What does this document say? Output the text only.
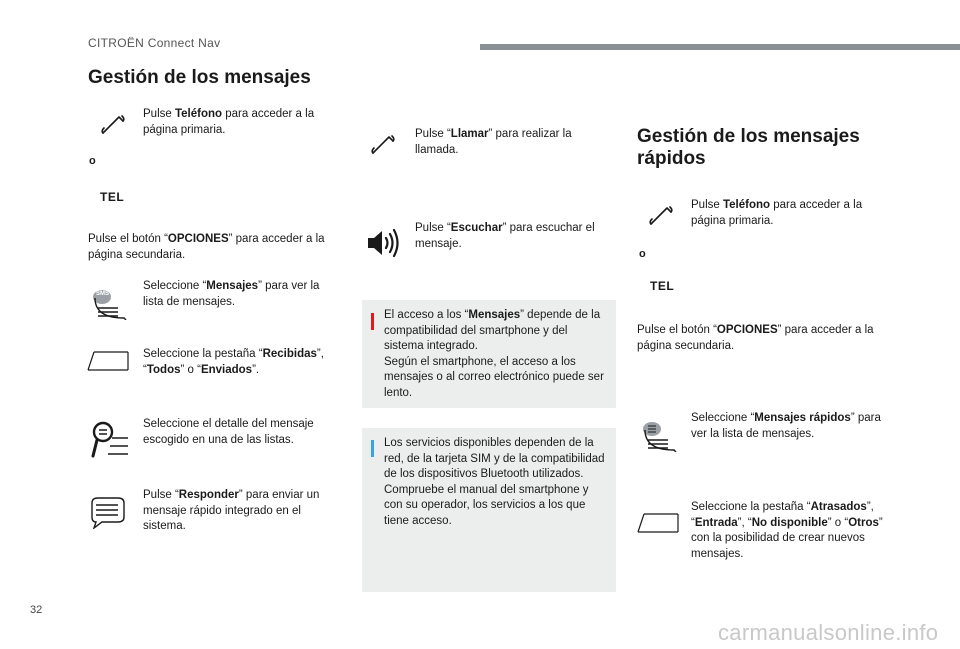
CITROËN Connect Nav
Gestión de los mensajes
Pulse Teléfono para acceder a la página primaria.
o
TEL
Pulse el botón “OPCIONES” para acceder a la página secundaria.
SMS
Seleccione “Mensajes” para ver la lista de mensajes.
Seleccione la pestaña “Recibidas”, “Todos” o “Enviados”.
Seleccione el detalle del mensaje escogido en una de las listas.
Pulse “Responder” para enviar un mensaje rápido integrado en el sistema.
Pulse “Llamar” para realizar la llamada.
Pulse “Escuchar” para escuchar el mensaje.
El acceso a los “Mensajes” depende de la compatibilidad del smartphone y del sistema integrado.
Según el smartphone, el acceso a los mensajes o al correo electrónico puede ser lento.
Los servicios disponibles dependen de la red, de la tarjeta SIM y de la compatibilidad de los dispositivos Bluetooth utilizados.
Compruebe el manual del smartphone y con su operador, los servicios a los que tiene acceso.
Gestión de los mensajes rápidos
Pulse Teléfono para acceder a la página primaria.
o
TEL
Pulse el botón “OPCIONES” para acceder a la página secundaria.
Seleccione “Mensajes rápidos” para ver la lista de mensajes.
Seleccione la pestaña “Atrasados”, “Entrada”, “No disponible” o “Otros” con la posibilidad de crear nuevos mensajes.
32
carmanualsonline.info
